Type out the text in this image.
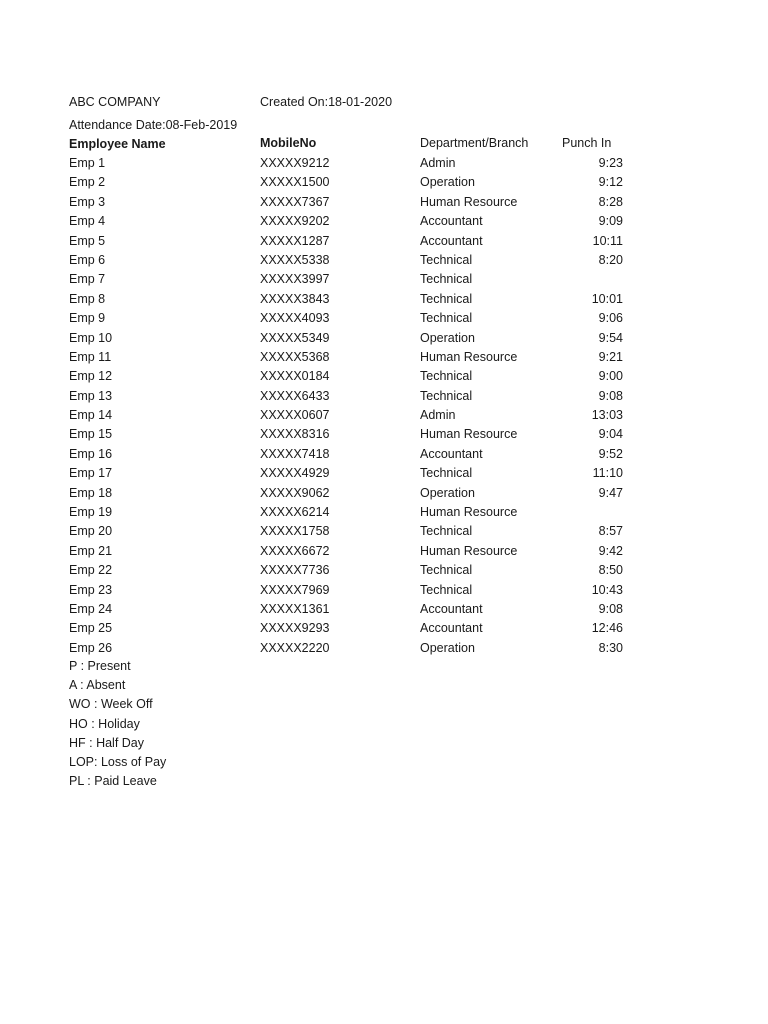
ABC COMPANY	Created On:18-01-2020
Attendance Date:08-Feb-2019
Employee Name	MobileNo	Department/Branch	Punch In
Emp 1	XXXXX9212	Admin	9:23
Emp 2	XXXXX1500	Operation	9:12
Emp 3	XXXXX7367	Human Resource	8:28
Emp 4	XXXXX9202	Accountant	9:09
Emp 5	XXXXX1287	Accountant	10:11
Emp 6	XXXXX5338	Technical	8:20
Emp 7	XXXXX3997	Technical
Emp 8	XXXXX3843	Technical	10:01
Emp 9	XXXXX4093	Technical	9:06
Emp 10	XXXXX5349	Operation	9:54
Emp 11	XXXXX5368	Human Resource	9:21
Emp 12	XXXXX0184	Technical	9:00
Emp 13	XXXXX6433	Technical	9:08
Emp 14	XXXXX0607	Admin	13:03
Emp 15	XXXXX8316	Human Resource	9:04
Emp 16	XXXXX7418	Accountant	9:52
Emp 17	XXXXX4929	Technical	11:10
Emp 18	XXXXX9062	Operation	9:47
Emp 19	XXXXX6214	Human Resource
Emp 20	XXXXX1758	Technical	8:57
Emp 21	XXXXX6672	Human Resource	9:42
Emp 22	XXXXX7736	Technical	8:50
Emp 23	XXXXX7969	Technical	10:43
Emp 24	XXXXX1361	Accountant	9:08
Emp 25	XXXXX9293	Accountant	12:46
Emp 26	XXXXX2220	Operation	8:30
P : Present
A : Absent
WO : Week Off
HO : Holiday
HF : Half Day
LOP: Loss of Pay
PL : Paid Leave
